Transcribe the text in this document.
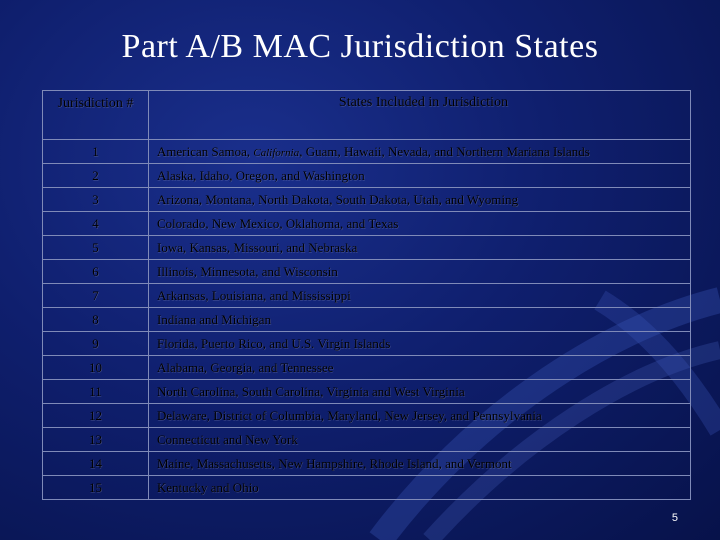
Part A/B MAC Jurisdiction States
Jurisdiction #	States Included in Jurisdiction
1	American Samoa, California, Guam, Hawaii, Nevada, and Northern Mariana Islands
2	Alaska, Idaho, Oregon, and Washington
3	Arizona, Montana, North Dakota, South Dakota, Utah, and Wyoming
4	Colorado, New Mexico, Oklahoma, and Texas
5	Iowa, Kansas, Missouri, and Nebraska
6	Illinois, Minnesota, and Wisconsin
7	Arkansas, Louisiana, and Mississippi
8	Indiana and Michigan
9	Florida, Puerto Rico, and U.S. Virgin Islands
10	Alabama, Georgia, and Tennessee
11	North Carolina, South Carolina, Virginia and West Virginia
12	Delaware, District of Columbia, Maryland, New Jersey, and Pennsylvania
13	Connecticut and New York
14	Maine, Massachusetts, New Hampshire, Rhode Island, and Vermont
15	Kentucky and Ohio
5
